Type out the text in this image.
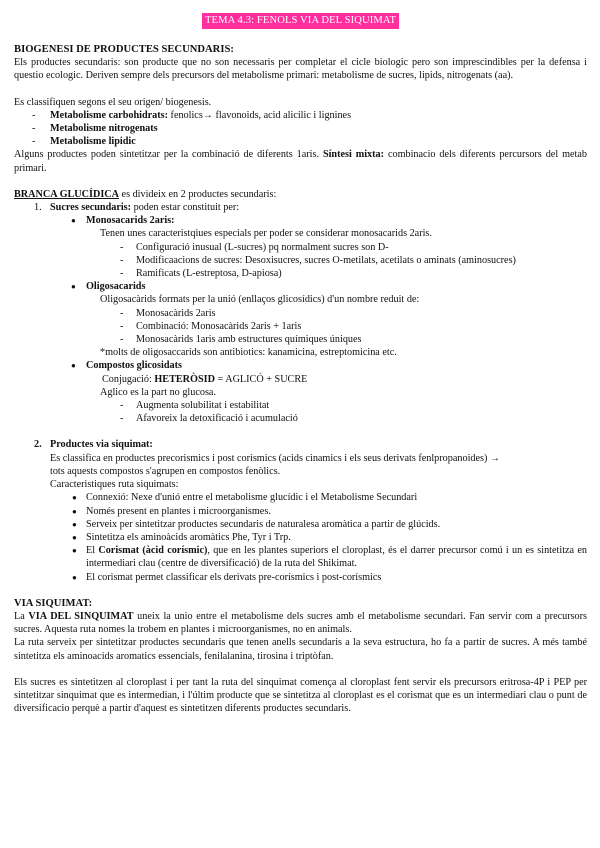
TEMA 4.3: FENOLS VIA DEL SIQUIMAT

BIOGENESI DE PRODUCTES SECUNDARIS:

Els productes secundaris: son producte que no son necessaris per completar el cicle biologic pero son imprescindibles per la defensa i questio ecologic. Deriven sempre dels precursors del metabolisme primari: metabolisme de sucres, lipids, nitrogenats (aa).

Es classifiquen segons el seu origen/ biogenesis.

- Metabolisme carbohidrats: fenolics→ flavonoids, acid alicilic i lignines
- Metabolisme nitrogenats
- Metabolisme lipidic

Alguns productes poden sintetitzar per la combinació de diferents 1aris. Síntesi mixta: combinacio dels diferents percursors del metab primari.

BRANCA GLUCÍDICA es divideix en 2 productes secundaris:

1. Sucres secundaris: poden estar constituit per:
● Monosacarids 2aris:

Tenen unes caracteristqiues especials per poder se considerar monosacarids 2aris.

- Configuració inusual (L-sucres) pq normalment sucres son D-

- Modificaacions de sucres: Desoxisucres, sucres O-metilats, acetilats o aminats (aminosucres)

- Ramificats (L-estreptosa, D-apiosa)

● Oligosacarids

Oligosacàrids formats per la unió (enllaços glicosídics) d'un nombre reduit de:

- Monosacàrids 2aris

- Combinació: Monosacàrids 2aris + 1aris

- Monosacàrids 1aris amb estructures químiques úniques

*molts de oligosaccarids son antibiotics: kanamicina, estreptomicina etc.

● Compostos glicosidats

Conjugació: HETERÒSID = AGLICÓ + SUCRE

Aglico es la part no glucosa.

- Augmenta solubilitat i estabilitat

- Afavoreix la detoxificació i acumulació

2. Productes via siquimat:

Es classifica en productes precorismics i post corismics (acids cinamics i els seus derivats fenlpropanoides) →

tots aquests compostos s'agrupen en compostos fenòlics.

Caracteristiques ruta siquimats:

● Connexió: Nexe d'unió entre el metabolisme glucídic i el Metabolisme Secundari
● Només present en plantes i microorganismes.
● Serveix per sintetitzar productes secundaris de naturalesa aromàtica a partir de glúcids.
● Sintetitza els aminoàcids aromàtics Phe, Tyr i Trp.
● El Corismat (àcid corísmic), que en les plantes superiors el cloroplast, és el darrer precursor comú i un es sintetitza en intermediari clau (centre de diversificació) de la ruta del Shikimat.
● El corismat permet classificar els derivats pre-corísmics i post-corísmics

VIA SIQUIMAT:

La VIA DEL SINQUIMAT uneix la unio entre el metabolisme dels sucres amb el metabolisme secundari. Fan servir com a precursors sucres. Aquesta ruta nomes la trobem en plantes i microorganismes, no en animals.

La ruta serveix per sintetitzar productes secundaris que tenen anells secundaris a la seva estructura, ho fa a partir de sucres. A més també sintetitza els aminoacids aromatics essencials, fenilalanina, tirosina i triptòfan.

Els sucres es sintetitzen al cloroplast i per tant la ruta del sinquimat comença al cloroplast fent servir els precursors eritrosa-4P i PEP per sintetitzar sinquimat que es intermedian, i l'últim producte que se sintetitza al cloroplast es el corismat que es un intermediari clau o punt de diversificacio perquè a partir d'aquest es sintetitzen diferents productes secundaris.
